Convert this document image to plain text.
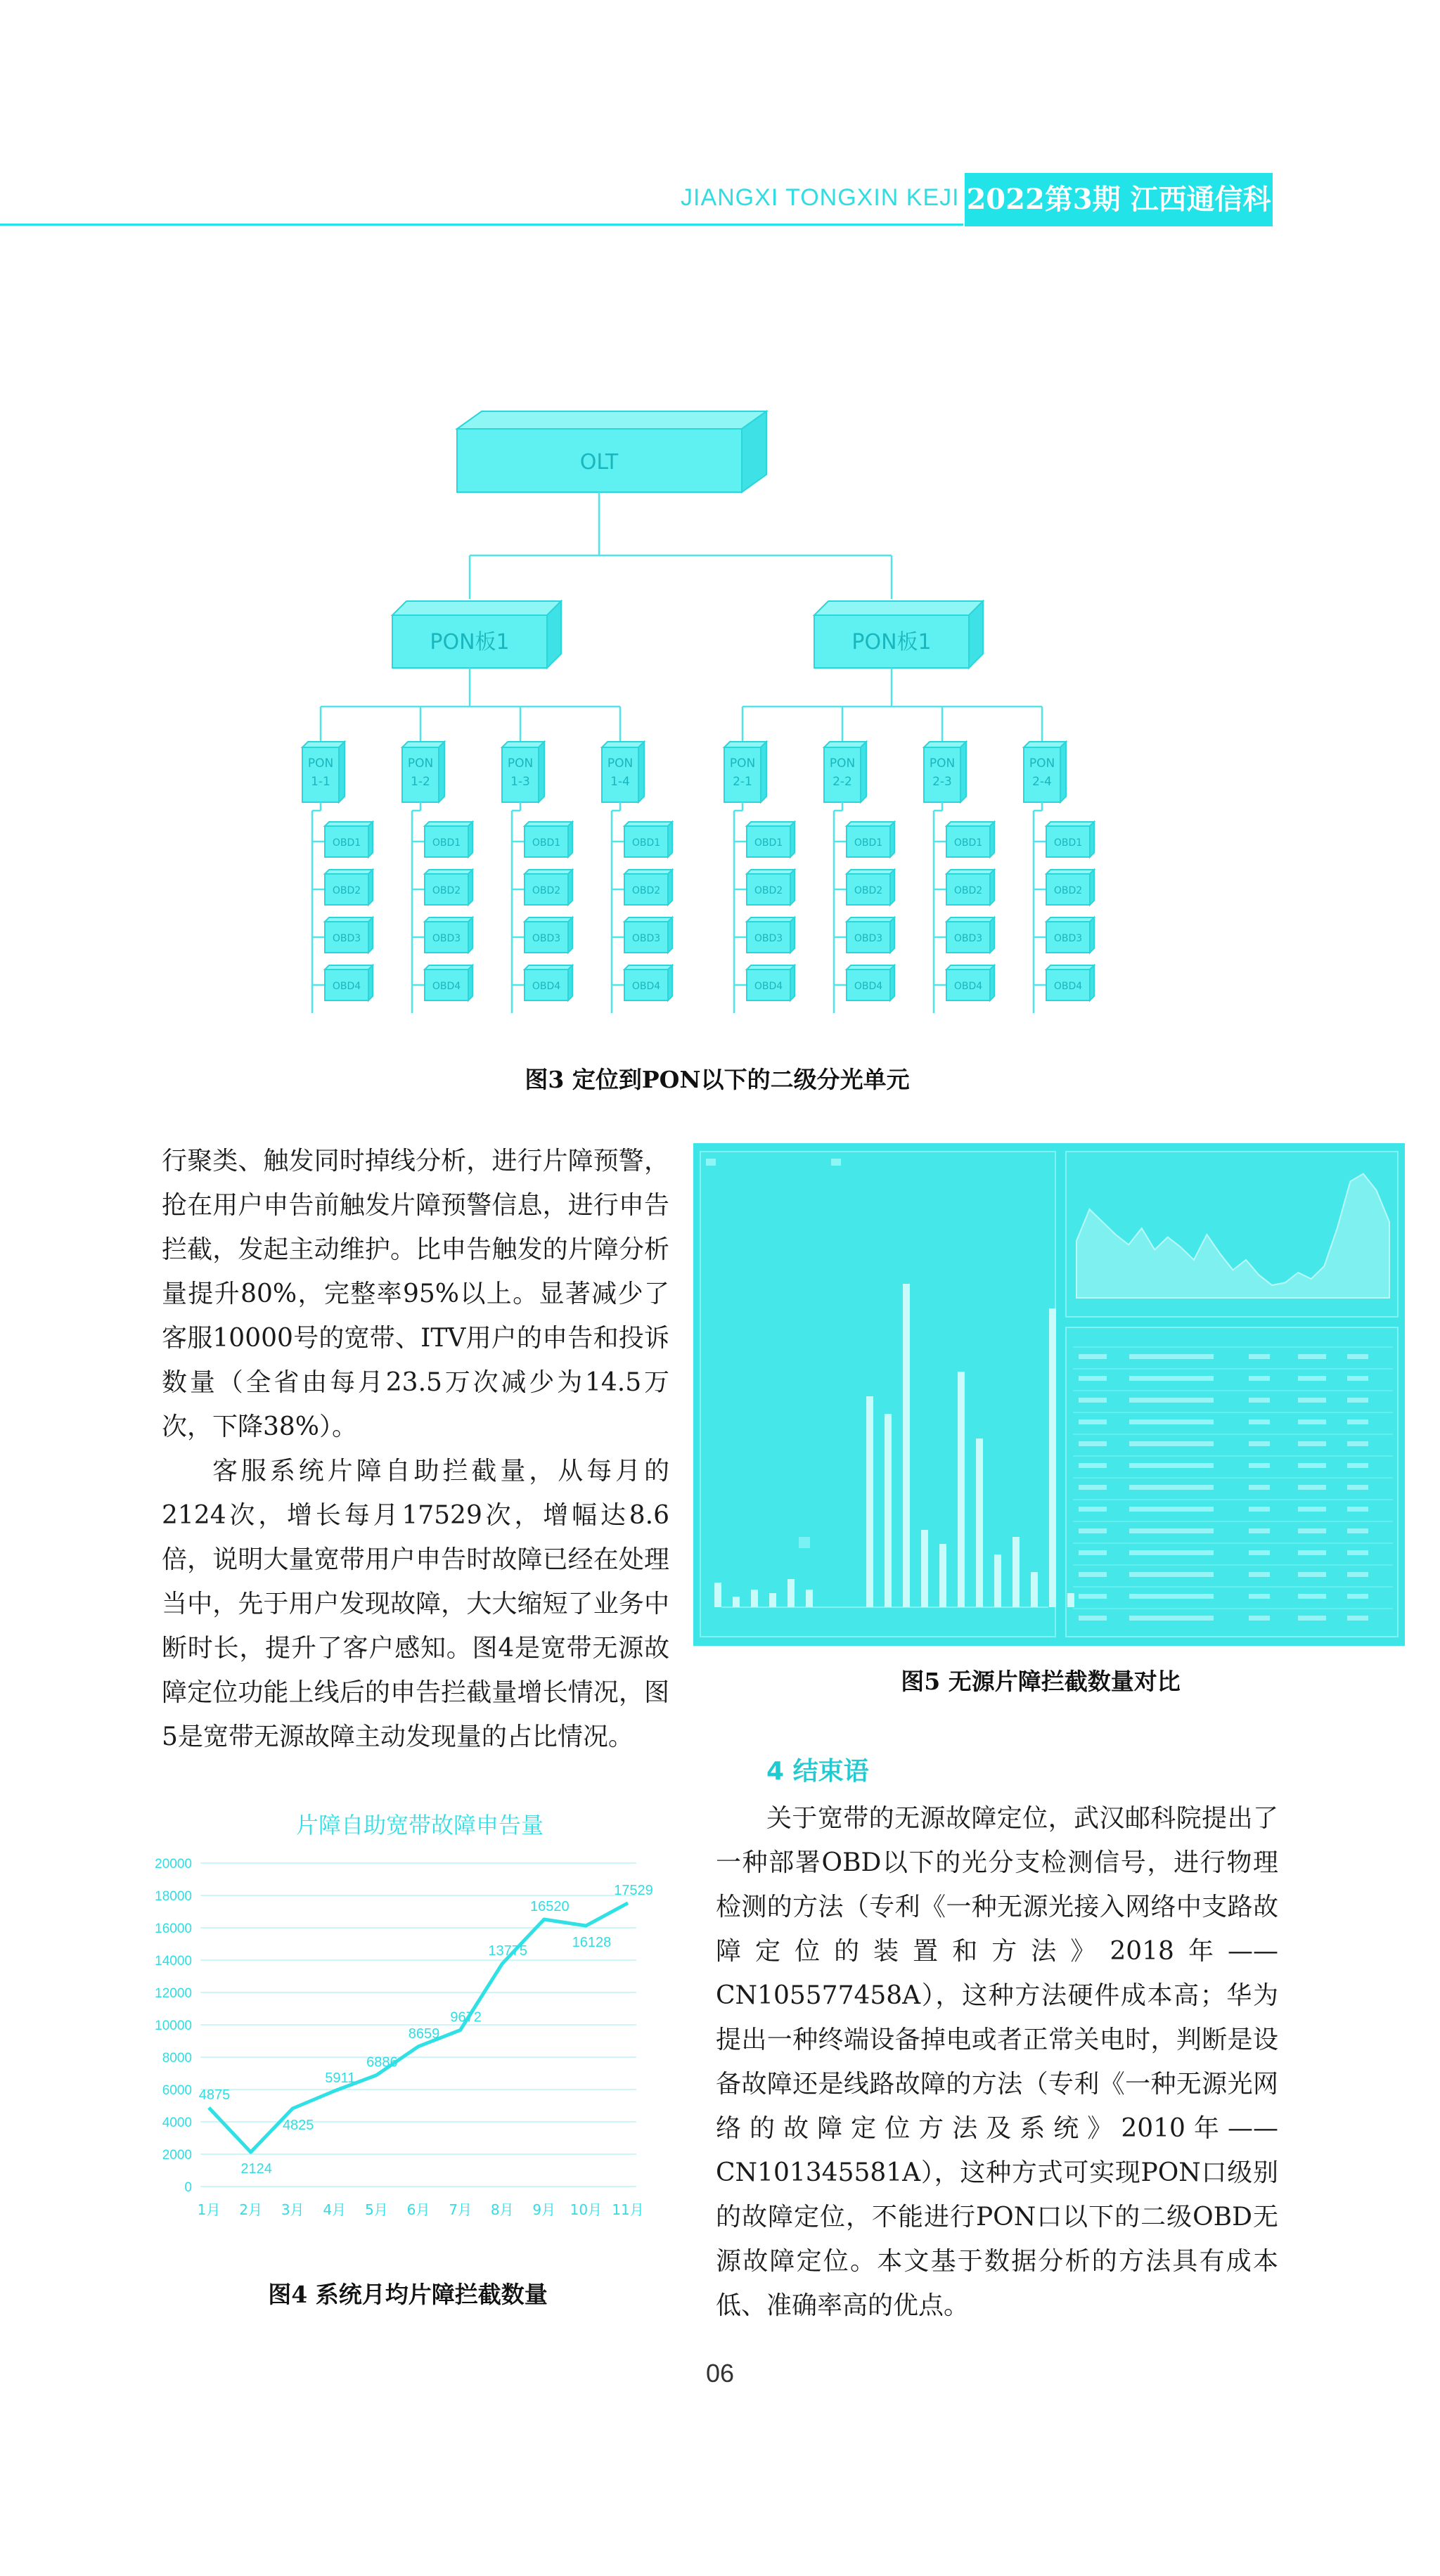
JIANGXI TONGXIN KEJI 2022第3期 江西通信科技
OLT
PON板1
PON
1-1
OBD1
OBD2
OBD3
OBD4
PON
1-2
OBD1
OBD2
OBD3
OBD4
PON
1-3
OBD1
OBD2
OBD3
OBD4
PON
1-4
OBD1
OBD2
OBD3
OBD4
PON板1
PON
2-1
OBD1
OBD2
OBD3
OBD4
PON
2-2
OBD1
OBD2
OBD3
OBD4
PON
2-3
OBD1
OBD2
OBD3
OBD4
PON
2-4
OBD1
OBD2
OBD3
OBD4
图3 定位到PON以下的二级分光单元

行聚类、触发同时掉线分析，进行片障预警，抢在用户申告前触发片障预警信息，进行申告拦截，发起主动维护。比申告触发的片障分析量提升80%，完整率95%以上。显著减少了客服10000号的宽带、ITV用户的申告和投诉数量（全省由每月23.5万次减少为14.5万次，下降38%）。

客服系统片障自助拦截量，从每月的2124次，增长每月17529次，增幅达8.6倍，说明大量宽带用户申告时故障已经在处理当中，先于用户发现故障，大大缩短了业务中断时长，提升了客户感知。图4是宽带无源故障定位功能上线后的申告拦截量增长情况，图5是宽带无源故障主动发现量的占比情况。

图5 无源片障拦截数量对比
片障自助宽带故障申告量
0
2000
4000
6000
8000
10000
12000
14000
16000
18000
20000
1月 2月 3月 4月 5月 6月 7月 8月 9月 10月 11月
4875
2124
4825
5911
6886
8659
9672
13775
16520
16128
17529
图4 系统月均片障拦截数量

4 结束语

关于宽带的无源故障定位，武汉邮科院提出了一种部署OBD以下的光分支检测信号，进行物理检测的方法（专利《一种无源光接入网络中支路故障定位的装置和方法》2018年——CN105577458A），这种方法硬件成本高；华为提出一种终端设备掉电或者正常关电时，判断是设备故障还是线路故障的方法（专利《一种无源光网络的故障定位方法及系统》2010年——CN101345581A），这种方式可实现PON口级别的故障定位，不能进行PON口以下的二级OBD无源故障定位。本文基于数据分析的方法具有成本低、准确率高的优点。

06
